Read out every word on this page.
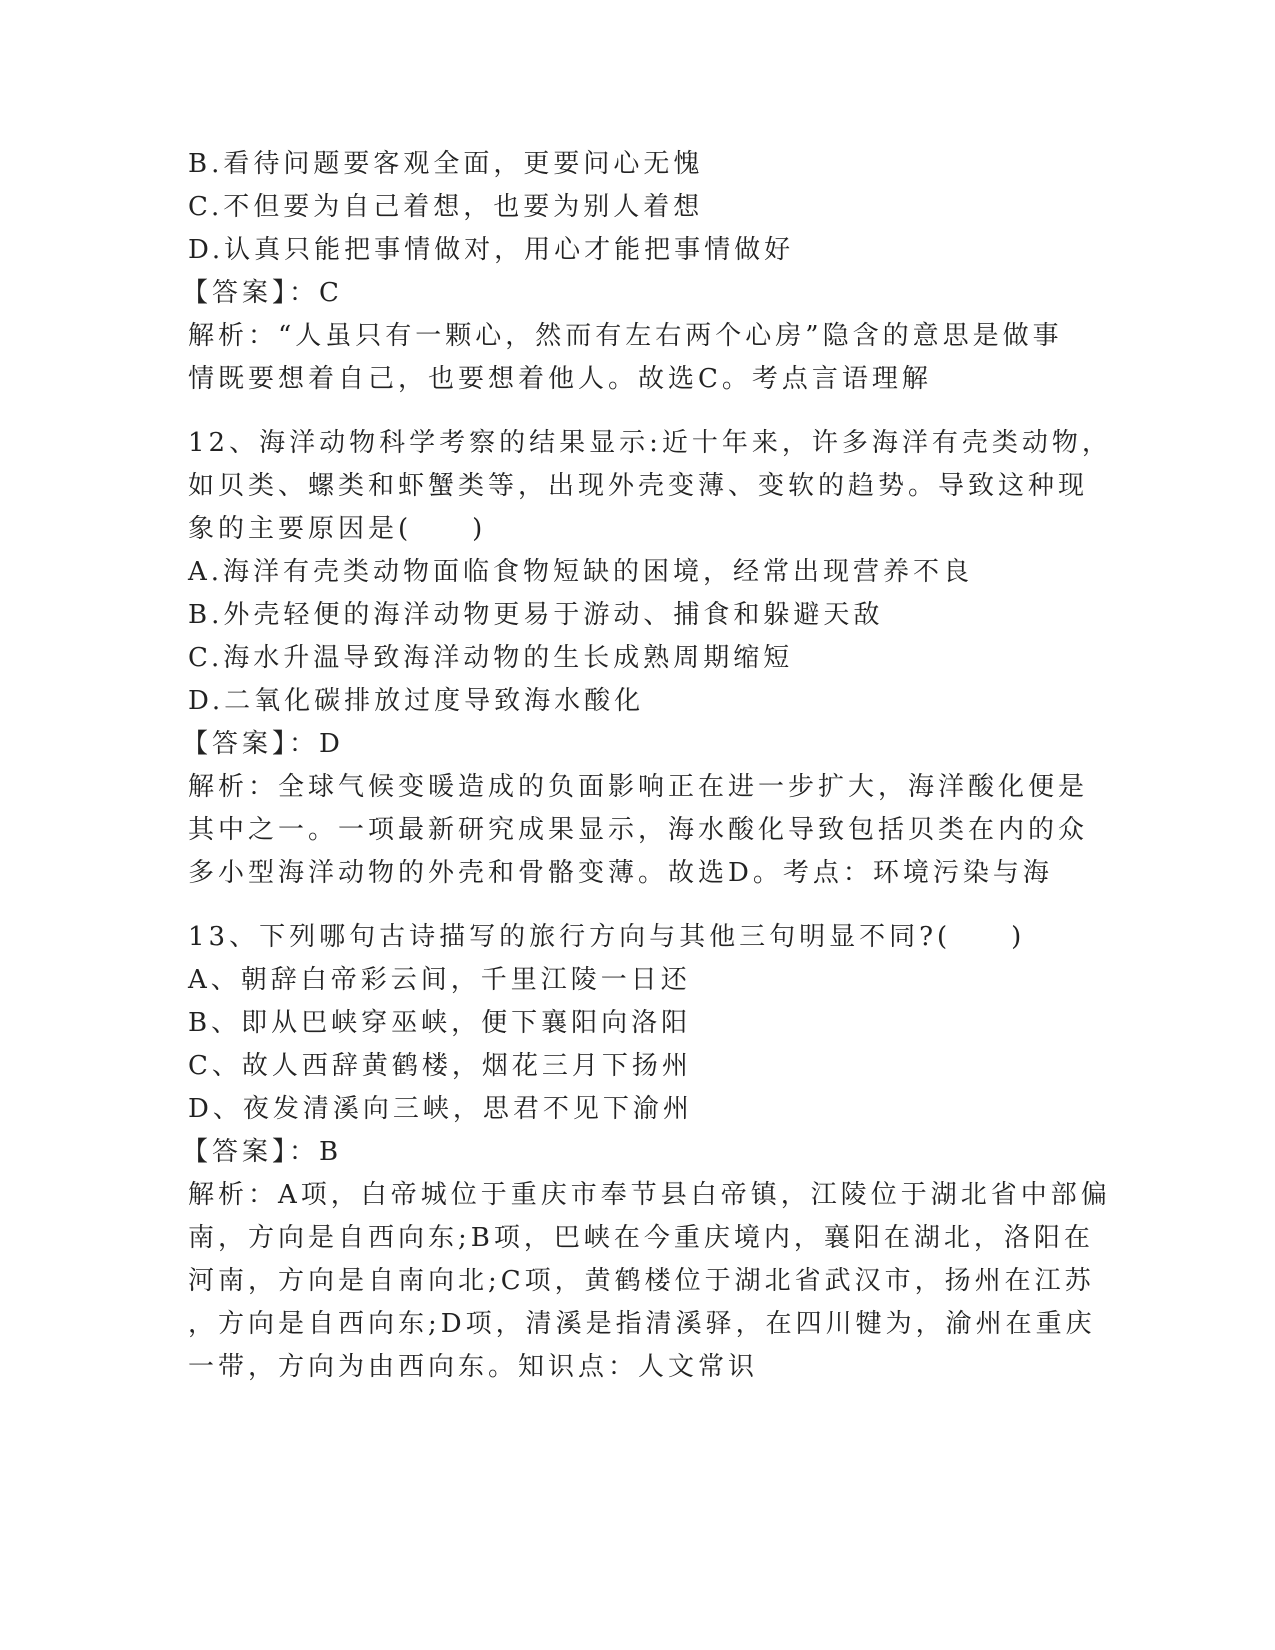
B.看待问题要客观全面，更要问心无愧
C.不但要为自己着想，也要为别人着想
D.认真只能把事情做对，用心才能把事情做好
【答案】：C
解析：“人虽只有一颗心，然而有左右两个心房”隐含的意思是做事
情既要想着自己，也要想着他人。故选C。考点言语理解
12、海洋动物科学考察的结果显示:近十年来，许多海洋有壳类动物，
如贝类、螺类和虾蟹类等，出现外壳变薄、变软的趋势。导致这种现
象的主要原因是(　　)
A.海洋有壳类动物面临食物短缺的困境，经常出现营养不良
B.外壳轻便的海洋动物更易于游动、捕食和躲避天敌
C.海水升温导致海洋动物的生长成熟周期缩短
D.二氧化碳排放过度导致海水酸化
【答案】：D
解析：全球气候变暖造成的负面影响正在进一步扩大，海洋酸化便是
其中之一。一项最新研究成果显示，海水酸化导致包括贝类在内的众
多小型海洋动物的外壳和骨骼变薄。故选D。考点：环境污染与海
13、下列哪句古诗描写的旅行方向与其他三句明显不同?(　　)
A、朝辞白帝彩云间，千里江陵一日还
B、即从巴峡穿巫峡，便下襄阳向洛阳
C、故人西辞黄鹤楼，烟花三月下扬州
D、夜发清溪向三峡，思君不见下渝州
【答案】：B
解析：A项，白帝城位于重庆市奉节县白帝镇，江陵位于湖北省中部偏
南，方向是自西向东;B项，巴峡在今重庆境内，襄阳在湖北，洛阳在
河南，方向是自南向北;C项，黄鹤楼位于湖北省武汉市，扬州在江苏
，方向是自西向东;D项，清溪是指清溪驿，在四川犍为，渝州在重庆
一带，方向为由西向东。知识点：人文常识
